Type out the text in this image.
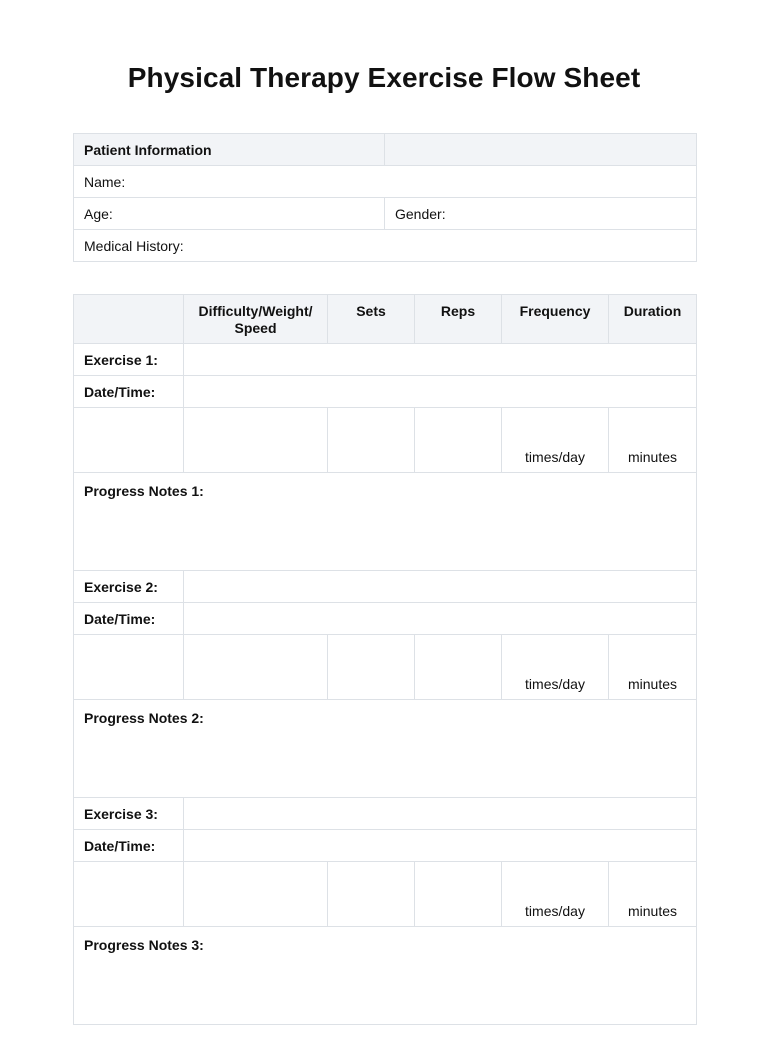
Physical Therapy Exercise Flow Sheet
Patient Information	
Name:	
Age:	Gender:
Medical History:	
	Difficulty/Weight/ Speed	Sets	Reps	Frequency	Duration
Exercise 1:					
Date/Time:					
				times/day	minutes
Progress Notes 1:					
Exercise 2:					
Date/Time:					
				times/day	minutes
Progress Notes 2:					
Exercise 3:					
Date/Time:					
				times/day	minutes
Progress Notes 3:					
